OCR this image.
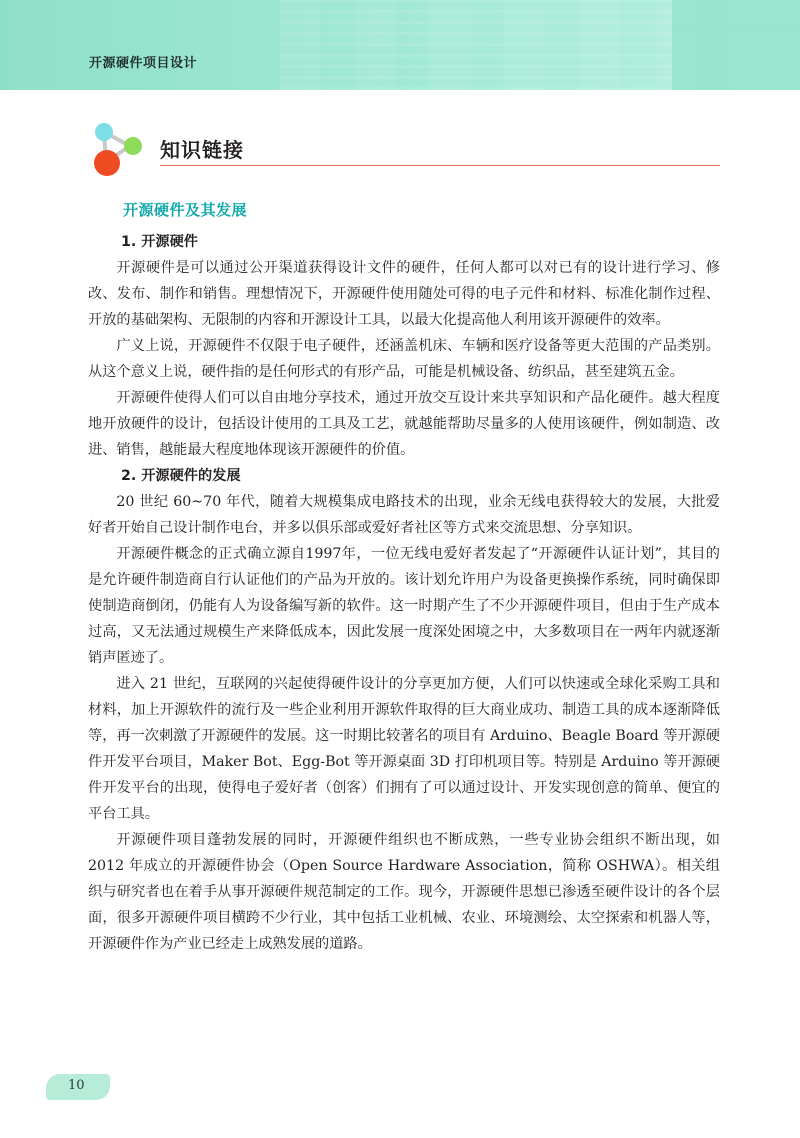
开源硬件项目设计
知识链接
开源硬件及其发展
1. 开源硬件

开源硬件是可以通过公开渠道获得设计文件的硬件，任何人都可以对已有的设计进行学习、修改、发布、制作和销售。理想情况下，开源硬件使用随处可得的电子元件和材料、标准化制作过程、开放的基础架构、无限制的内容和开源设计工具，以最大化提高他人利用该开源硬件的效率。

广义上说，开源硬件不仅限于电子硬件，还涵盖机床、车辆和医疗设备等更大范围的产品类别。从这个意义上说，硬件指的是任何形式的有形产品，可能是机械设备、纺织品，甚至建筑五金。

开源硬件使得人们可以自由地分享技术，通过开放交互设计来共享知识和产品化硬件。越大程度地开放硬件的设计，包括设计使用的工具及工艺，就越能帮助尽量多的人使用该硬件，例如制造、改进、销售，越能最大程度地体现该开源硬件的价值。

2. 开源硬件的发展

20 世纪 60~70 年代，随着大规模集成电路技术的出现，业余无线电获得较大的发展，大批爱好者开始自己设计制作电台，并多以俱乐部或爱好者社区等方式来交流思想、分享知识。

开源硬件概念的正式确立源自1997年，一位无线电爱好者发起了“开源硬件认证计划”，其目的是允许硬件制造商自行认证他们的产品为开放的。该计划允许用户为设备更换操作系统，同时确保即使制造商倒闭，仍能有人为设备编写新的软件。这一时期产生了不少开源硬件项目，但由于生产成本过高，又无法通过规模生产来降低成本，因此发展一度深处困境之中，大多数项目在一两年内就逐渐销声匿迹了。

进入 21 世纪，互联网的兴起使得硬件设计的分享更加方便，人们可以快速或全球化采购工具和材料，加上开源软件的流行及一些企业利用开源软件取得的巨大商业成功、制造工具的成本逐渐降低等，再一次刺激了开源硬件的发展。这一时期比较著名的项目有 Arduino、Beagle Board 等开源硬件开发平台项目，Maker Bot、Egg-Bot 等开源桌面 3D 打印机项目等。特别是 Arduino 等开源硬件开发平台的出现，使得电子爱好者（创客）们拥有了可以通过设计、开发实现创意的简单、便宜的平台工具。

开源硬件项目蓬勃发展的同时，开源硬件组织也不断成熟，一些专业协会组织不断出现，如 2012 年成立的开源硬件协会（Open Source Hardware Association，简称 OSHWA）。相关组织与研究者也在着手从事开源硬件规范制定的工作。现今，开源硬件思想已渗透至硬件设计的各个层面，很多开源硬件项目横跨不少行业，其中包括工业机械、农业、环境测绘、太空探索和机器人等，开源硬件作为产业已经走上成熟发展的道路。

10
